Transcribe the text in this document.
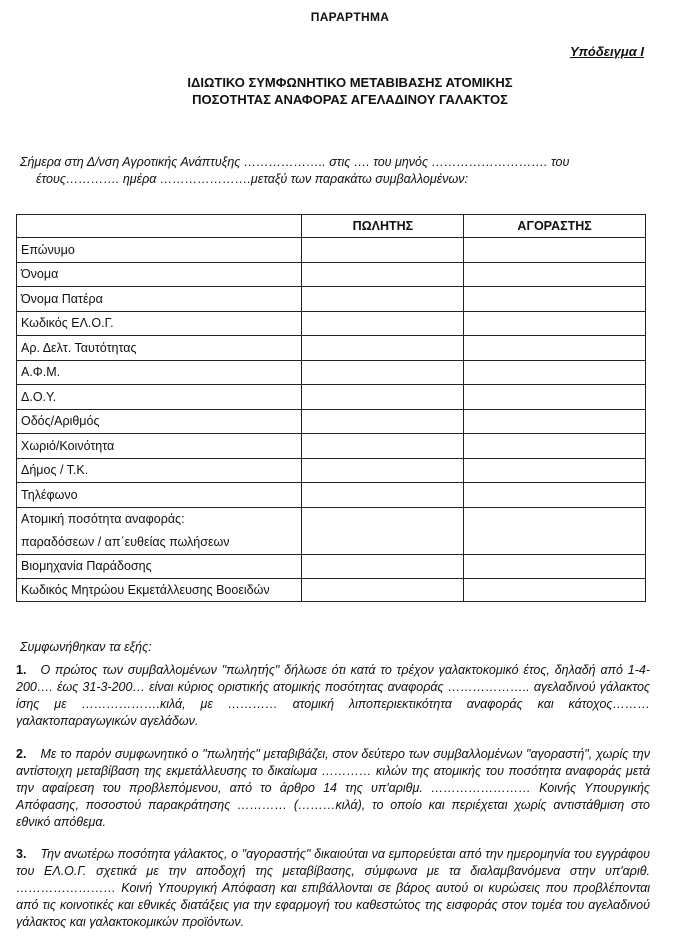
ΠΑΡΑΡΤΗΜΑ
Υπόδειγμα Ι
ΙΔΙΩΤΙΚΟ ΣΥΜΦΩΝΗΤΙΚΟ ΜΕΤΑΒΙΒΑΣΗΣ ΑΤΟΜΙΚΗΣ
ΠΟΣΟΤΗΤΑΣ ΑΝΑΦΟΡΑΣ ΑΓΕΛΑΔΙΝΟΥ ΓΑΛΑΚΤΟΣ
Σήμερα στη Δ/νση Αγροτικής Ανάπτυξης ……………….. στις …. του μηνός ………………………. του
έτους…………. ημέρα ………………….μεταξύ των παρακάτω συμβαλλομένων:
	ΠΩΛΗΤΗΣ	ΑΓΟΡΑΣΤΗΣ
Επώνυμο		
Όνομα		
Όνομα Πατέρα		
Κωδικός ΕΛ.Ο.Γ.		
Αρ. Δελτ. Ταυτότητας		
Α.Φ.Μ.		
Δ.Ο.Υ.		
Οδός/Αριθμός		
Χωριό/Κοινότητα		
Δήμος / Τ.Κ.		
Τηλέφωνο		

Ατομική ποσότητα αναφοράς:
παραδόσεων / απ΄ευθείας πωλήσεων		

Βιομηχανία Παράδοσης		
Κωδικός Μητρώου Εκμετάλλευσης Βοοειδών		
Συμφωνήθηκαν τα εξής:
1. Ο πρώτος των συμβαλλομένων "πωλητής" δήλωσε ότι κατά το τρέχον γαλακτοκομικό έτος, δηλαδή από 1-4-200…. έως 31-3-200… είναι κύριος οριστικής ατομικής ποσότητας αναφοράς ……………….. αγελαδινού γάλακτος ίσης με ……………….κιλά, με ………… ατομική λιποπεριεκτικότητα αναφοράς και κάτοχος……… γαλακτοπαραγωγικών αγελάδων.
2. Με το παρόν συμφωνητικό ο "πωλητής" μεταβιβάζει, στον δεύτερο των συμβαλλομένων "αγοραστή", χωρίς την αντίστοιχη μεταβίβαση της εκμετάλλευσης το δικαίωμα ………… κιλών της ατομικής του ποσότητα αναφοράς μετά την αφαίρεση του προβλεπόμενου, από το άρθρο 14 της υπ'αριθμ. …………………… Κοινής Υπουργικής Απόφασης, ποσοστού παρακράτησης ………… (………κιλά), το οποίο και περιέχεται χωρίς αντιστάθμιση στο εθνικό απόθεμα.
3. Την ανωτέρω ποσότητα γάλακτος, ο "αγοραστής" δικαιούται να εμπορεύεται από την ημερομηνία του εγγράφου του ΕΛ.Ο.Γ. σχετικά με την αποδοχή της μεταβίβασης, σύμφωνα με τα διαλαμβανόμενα στην υπ'αριθ. …………………… Κοινή Υπουργική Απόφαση και επιβάλλονται σε βάρος αυτού οι κυρώσεις που προβλέπονται από τις κοινοτικές και εθνικές διατάξεις για την εφαρμογή του καθεστώτος της εισφοράς στον τομέα του αγελαδινού γάλακτος και γαλακτοκομικών προϊόντων.
